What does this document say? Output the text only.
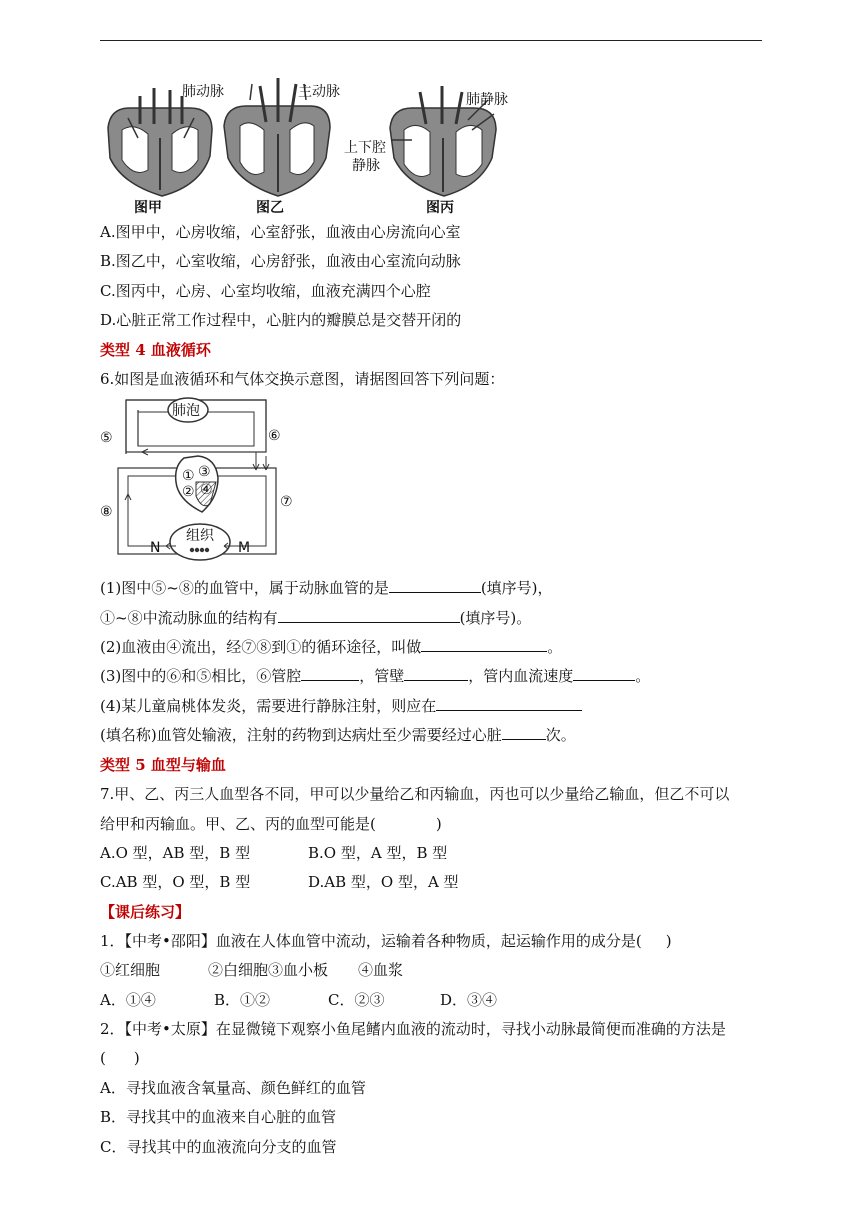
图甲	图乙
肺动脉	主动脉
图丙
肺静脉
上下腔
静脉
A.图甲中，心房收缩，心室舒张，血液由心房流向心室
B.图乙中，心室收缩，心房舒张，血液由心室流向动脉
C.图丙中，心房、心室均收缩，血液充满四个心腔
D.心脏正常工作过程中，心脏内的瓣膜总是交替开闭的
类型 4 血液循环
6.如图是血液循环和气体交换示意图，请据图回答下列问题：
肺泡
① ③
② ④
组织
N	M
⑤	⑥
⑦
⑧
(1)图中⑤~⑧的血管中，属于动脉血管的是	(填序号)，
①~⑧中流动脉血的结构有	(填序号)。
(2)血液由④流出，经⑦⑧到①的循环途径，叫做	。
(3)图中的⑥和⑤相比，⑥管腔	，管壁	，管内血流速度	。
(4)某儿童扁桃体发炎，需要进行静脉注射，则应在
(填名称)血管处输液，注射的药物到达病灶至少需要经过心脏	次。
类型 5 血型与输血
7.甲、乙、丙三人血型各不同，甲可以少量给乙和丙输血，丙也可以少量给乙输血，但乙不可以
给甲和丙输血。甲、乙、丙的血型可能是(	)
A.O 型，AB 型，B 型	B.O 型，A 型，B 型
C.AB 型，O 型，B 型	D.AB 型，O 型，A 型
【课后练习】
1．【中考•邵阳】血液在人体血管中流动，运输着各种物质，起运输作用的成分是( )
①红细胞	②白细胞③血小板 ④血浆
A．①④	B．①②	C．②③	D．③④
2．【中考•太原】在显微镜下观察小鱼尾鳍内血液的流动时，寻找小动脉最简便而准确的方法是
( )
A．寻找血液含氧量高、颜色鲜红的血管
B．寻找其中的血液来自心脏的血管
C．寻找其中的血液流向分支的血管
